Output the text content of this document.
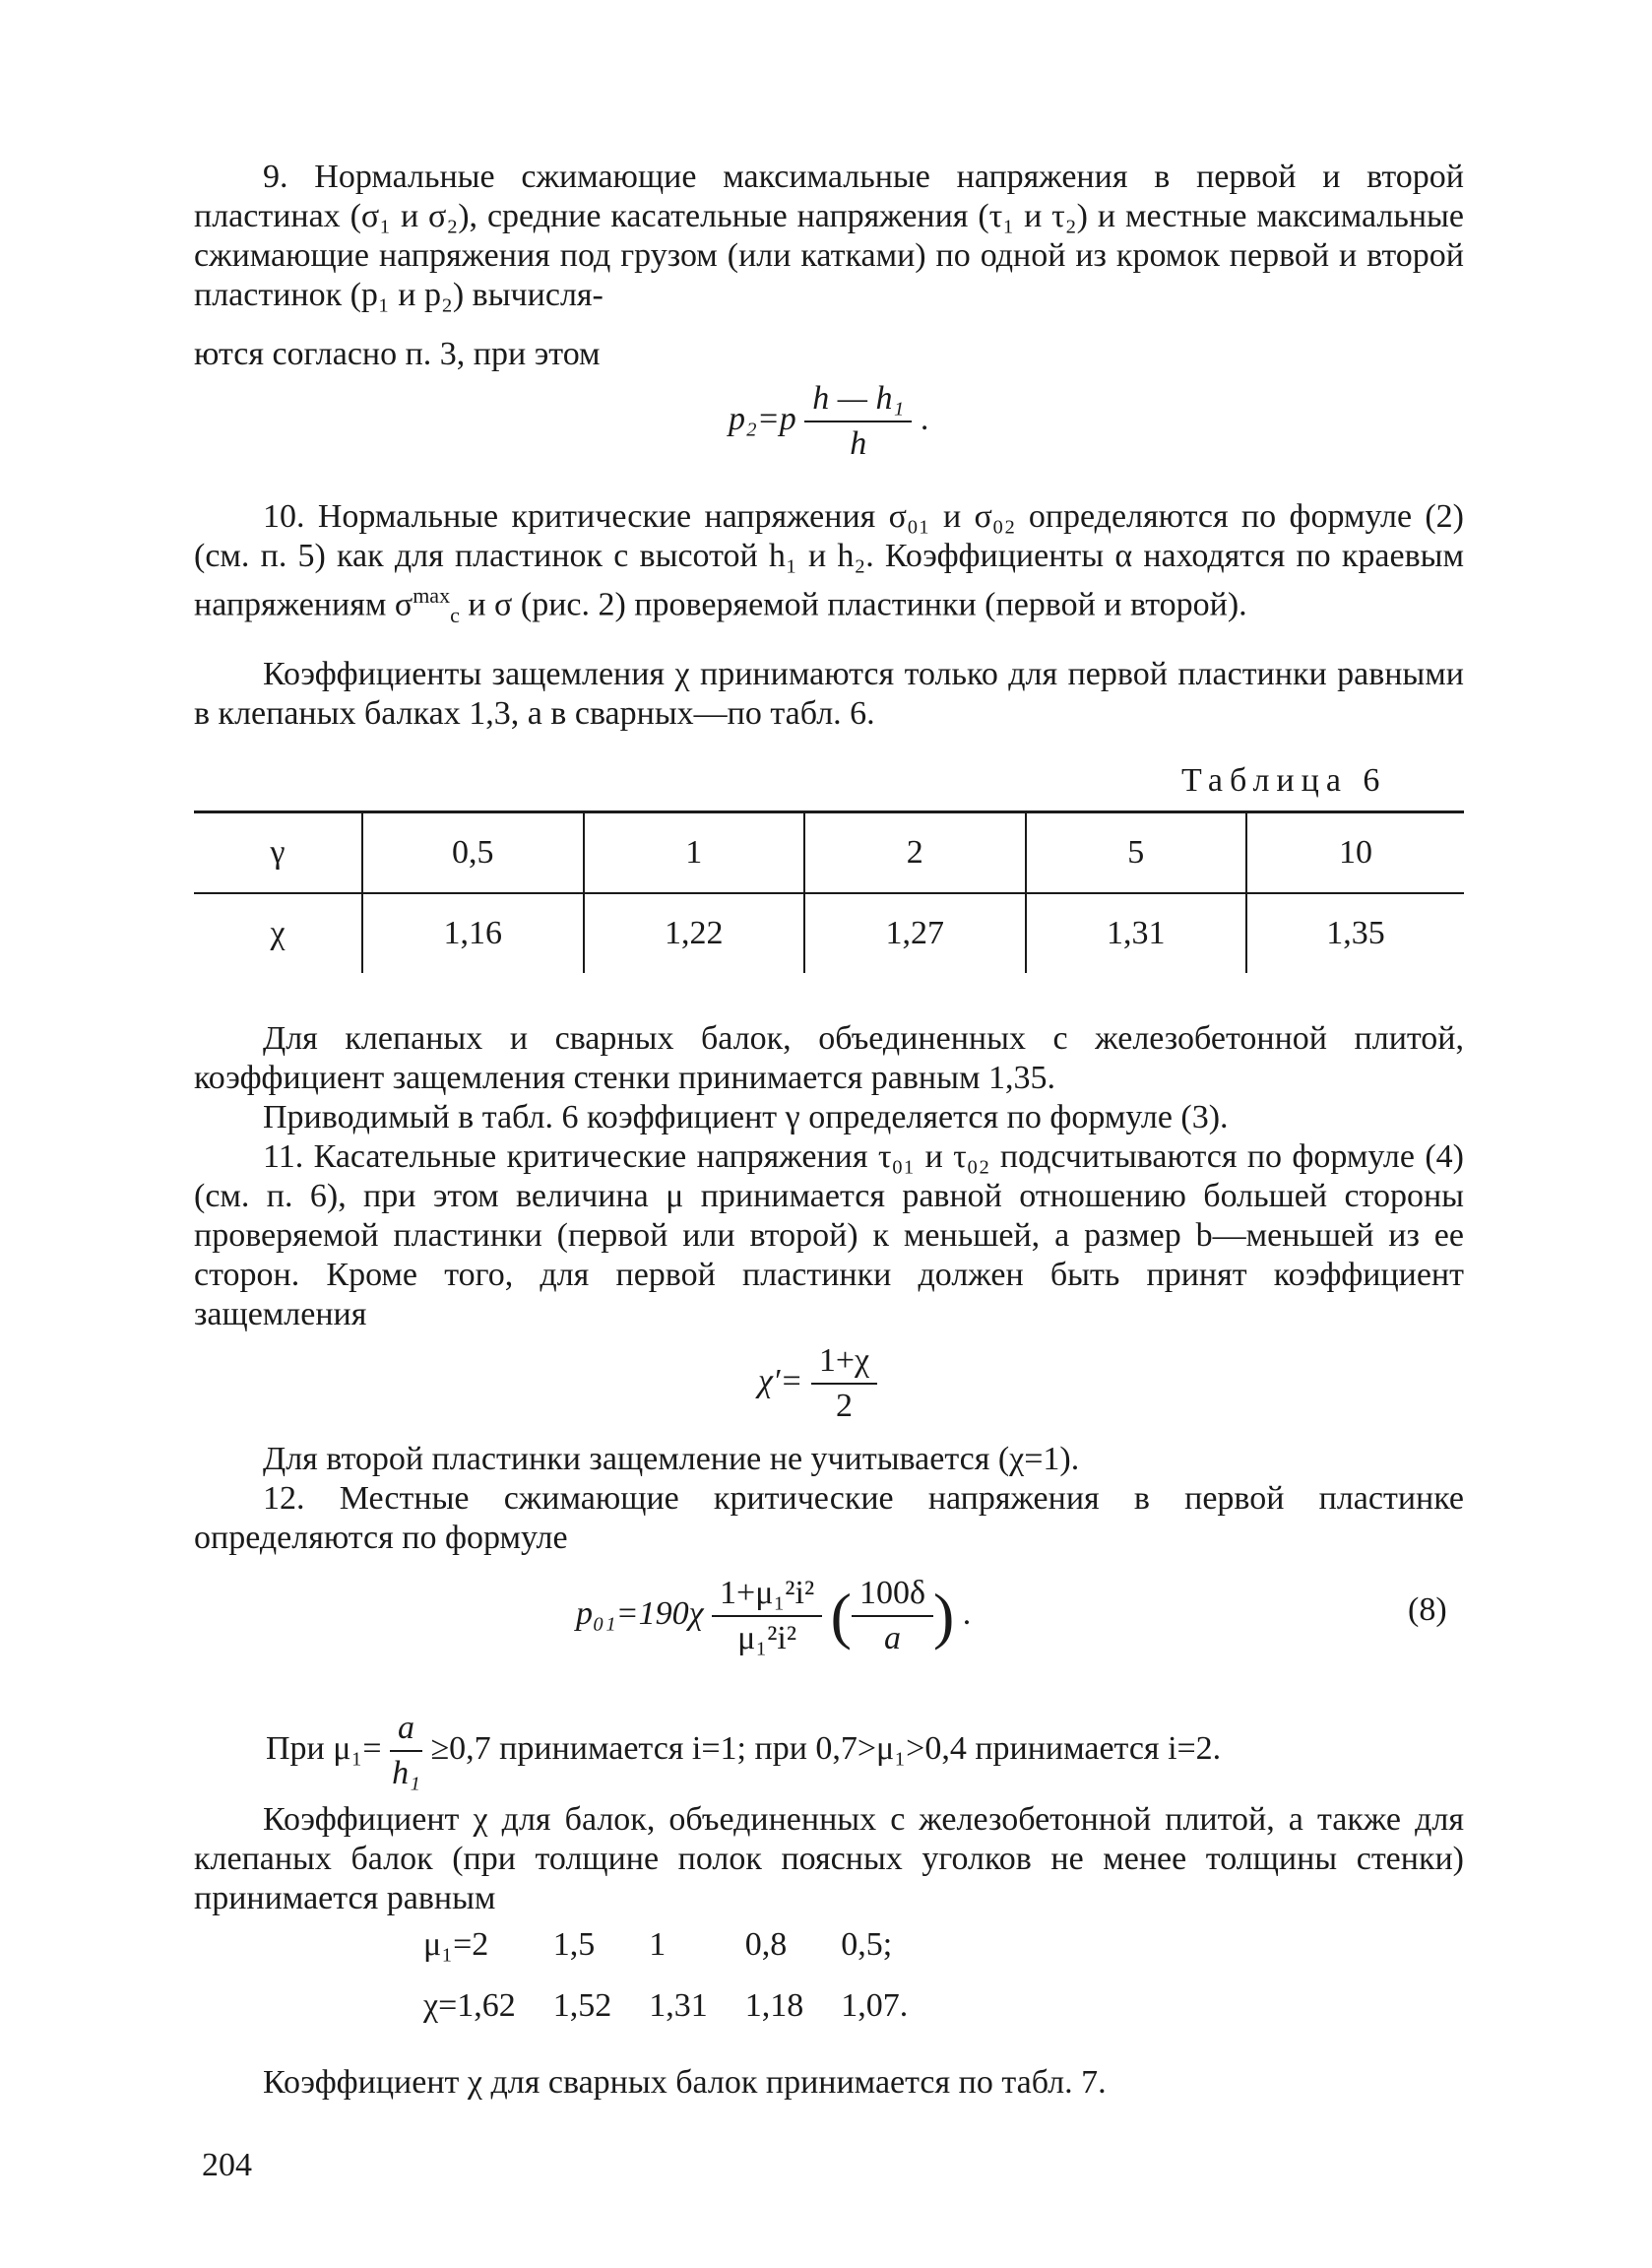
9. Нормальные сжимающие максимальные напряжения в первой и второй пластинах (σ₁ и σ₂), средние касательные напряжения (τ₁ и τ₂) и местные максимальные сжимающие напряжения под грузом (или катками) по одной из кромок первой и второй пластинок (p₁ и p₂) вычисля-

ются согласно п. 3, при этом

$p_2=p \frac{\text{h — h₁}}{h}$ .

10. Нормальные критические напряжения σ₀₁ и σ₀₂ определяются по формуле (2) (см. п. 5) как для пластинок с высотой h₁ и h₂. Коэффициенты α находятся по краевым напряжениям $\sigma^{max}_c$ и σ (рис. 2) проверяемой пластинки (первой и второй).

Коэффициенты защемления χ принимаются только для первой пластинки равными в клепаных балках 1,3, а в сварных—по табл. 6.

Таблица 6
γ	0,5	1	2	5	10
χ	1,16	1,22	1,27	1,31	1,35

Для клепаных и сварных балок, объединенных с железобетонной плитой, коэффициент защемления стенки принимается равным 1,35.

Приводимый в табл. 6 коэффициент γ определяется по формуле (3).

11. Касательные критические напряжения τ₀₁ и τ₀₂ подсчитываются по формуле (4) (см. п. 6), при этом величина μ принимается равной отношению большей стороны проверяемой пластинки (первой или второй) к меньшей, а размер b—меньшей из ее сторон. Кроме того, для первой пластинки должен быть принят коэффициент защемления

$\chi'= \frac{1+\chi}{2}$

Для второй пластинки защемление не учитывается (χ=1).

12. Местные сжимающие критические напряжения в первой пластинке определяются по формуле

$p_{01}=190\chi \frac{\text{1+μ₁²i²}}{\text{μ₁²i²}}$ ( $\frac{100\delta}{a}$ ) .	(8)
При $\mu_1= \frac{a}{\text{h₁}} \ge 0,7$ принимается i=1; при 0,7>μ₁>0,4 принимается i=2.

Коэффициент χ для балок, объединенных с железобетонной плитой, а также для клепаных балок (при толщине полок поясных уголков не менее толщины стенки) принимается равным

μ₁=2	1,5	1	0,8	0,5;
χ=1,62	1,52	1,31	1,18	1,07.

Коэффициент χ для сварных балок принимается по табл. 7.

204
